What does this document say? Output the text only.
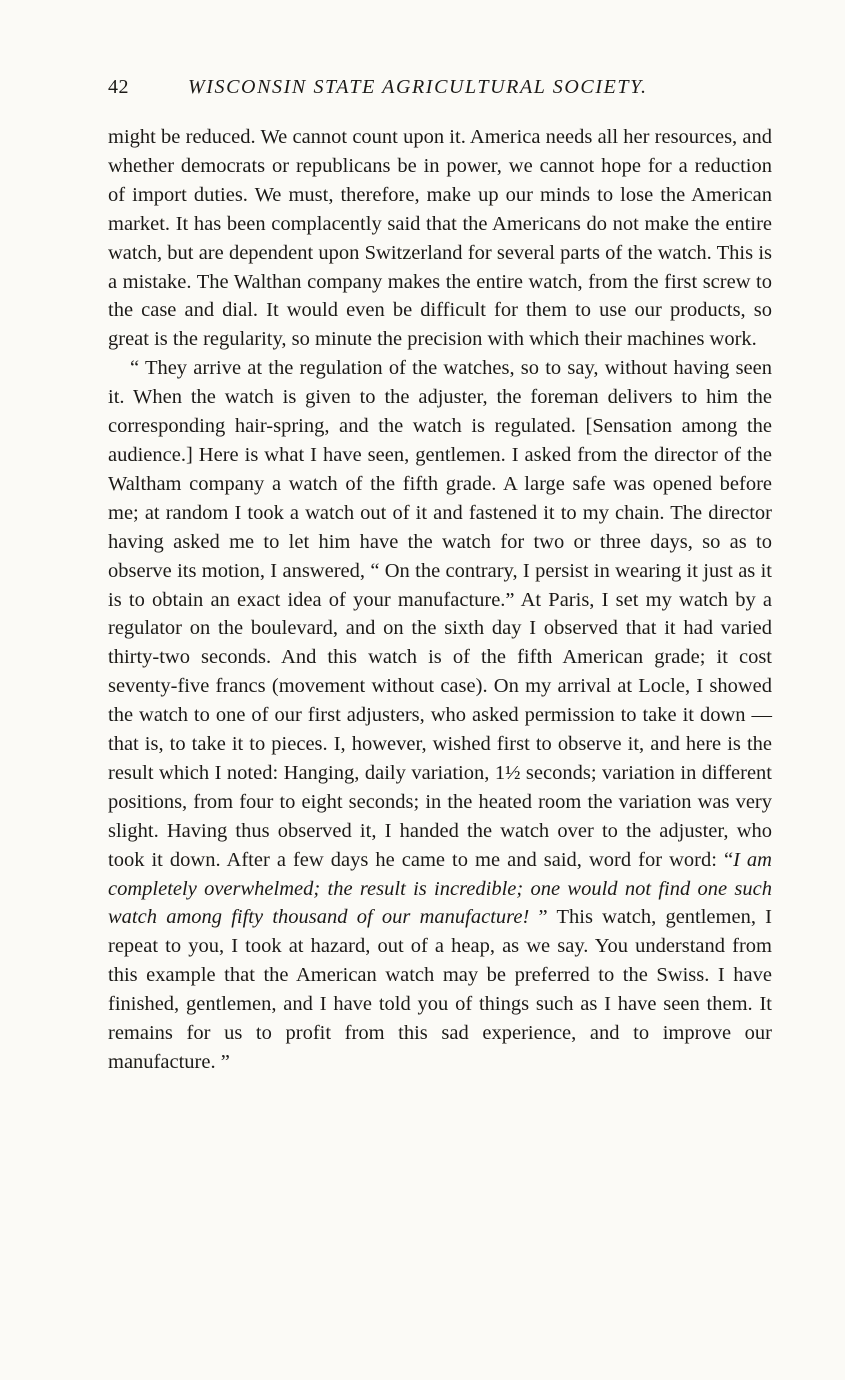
42	WISCONSIN STATE AGRICULTURAL SOCIETY.

might be reduced. We cannot count upon it. America needs all her resources, and whether democrats or republicans be in power, we cannot hope for a reduction of import duties. We must, therefore, make up our minds to lose the American market. It has been complacently said that the Americans do not make the entire watch, but are dependent upon Switzerland for several parts of the watch. This is a mistake. The Walthan company makes the entire watch, from the first screw to the case and dial. It would even be difficult for them to use our products, so great is the regularity, so minute the precision with which their machines work.

“ They arrive at the regulation of the watches, so to say, without having seen it. When the watch is given to the adjuster, the foreman delivers to him the corresponding hair-spring, and the watch is regulated. [Sensation among the audience.] Here is what I have seen, gentlemen. I asked from the director of the Waltham company a watch of the fifth grade. A large safe was opened before me; at random I took a watch out of it and fastened it to my chain. The director having asked me to let him have the watch for two or three days, so as to observe its motion, I answered, “ On the contrary, I persist in wearing it just as it is to obtain an exact idea of your manufacture.” At Paris, I set my watch by a regulator on the boulevard, and on the sixth day I observed that it had varied thirty-two seconds. And this watch is of the fifth American grade; it cost seventy-five francs (movement without case). On my arrival at Locle, I showed the watch to one of our first adjusters, who asked permission to take it down — that is, to take it to pieces. I, however, wished first to observe it, and here is the result which I noted: Hanging, daily variation, 1½ seconds; variation in different positions, from four to eight seconds; in the heated room the variation was very slight. Having thus observed it, I handed the watch over to the adjuster, who took it down. After a few days he came to me and said, word for word: “I am completely overwhelmed; the result is incredible; one would not find one such watch among fifty thousand of our manufacture! ” This watch, gentlemen, I repeat to you, I took at hazard, out of a heap, as we say. You understand from this example that the American watch may be preferred to the Swiss. I have finished, gentlemen, and I have told you of things such as I have seen them. It remains for us to profit from this sad experience, and to improve our manufacture. ”
